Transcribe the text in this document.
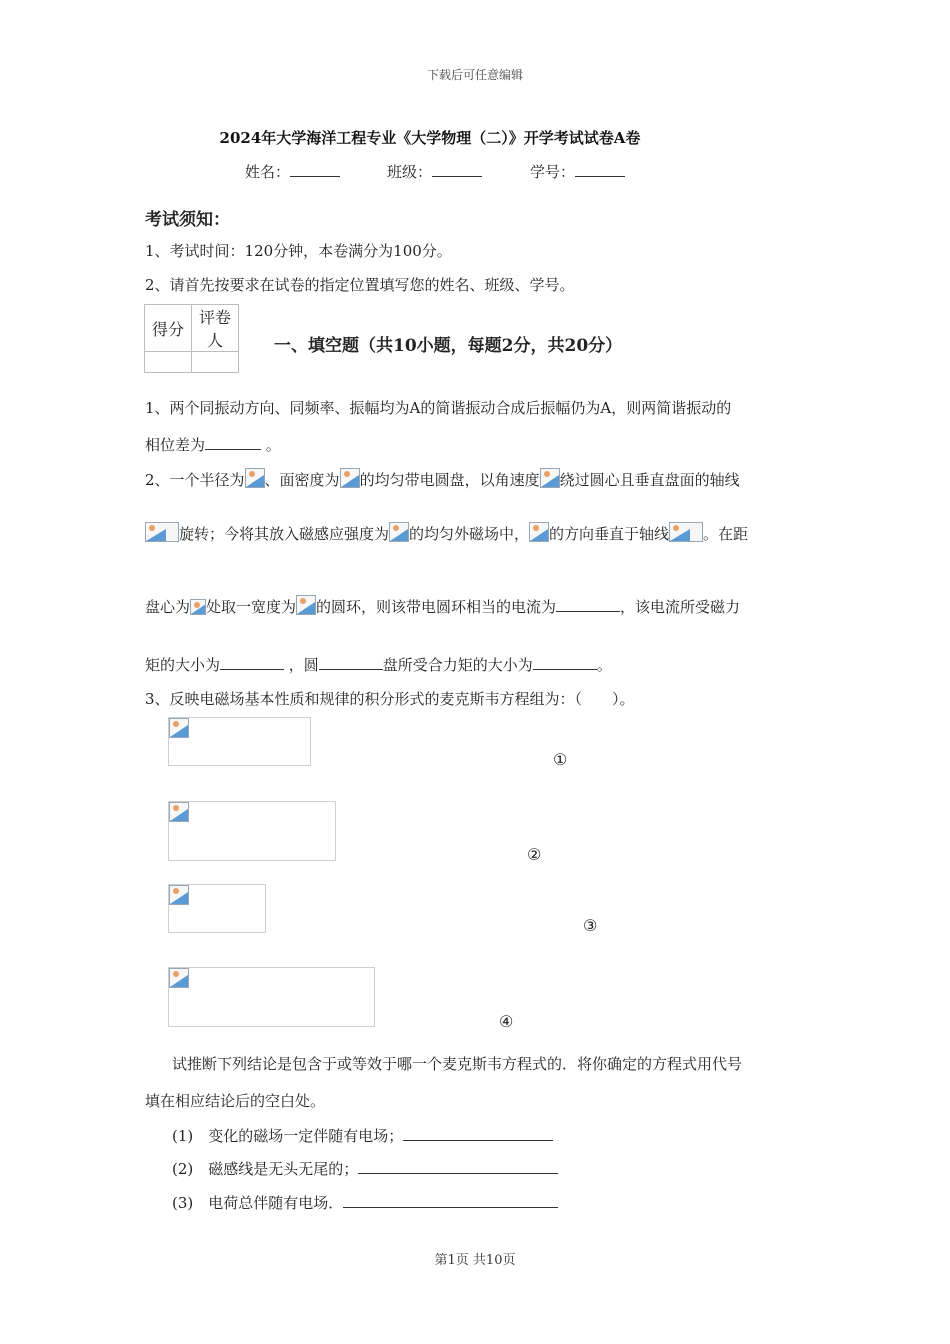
下载后可任意编辑
2024年大学海洋工程专业《大学物理（二）》开学考试试卷A卷
姓名：	班级：	学号：
考试须知：
1、考试时间：120分钟，本卷满分为100分。
2、请首先按要求在试卷的指定位置填写您的姓名、班级、学号。
得分	评卷人
		一、填空题（共10小题，每题2分，共20分）
1、两个同振动方向、同频率、振幅均为A的简谐振动合成后振幅仍为A，则两简谐振动的
相位差为	。
2、一个半径为 、面密度为 的均匀带电圆盘，以角速度 绕过圆心且垂直盘面的轴线
旋转；今将其放入磁感应强度为 的均匀外磁场中， 的方向垂直于轴线 。在距
盘心为 处取一宽度为 的圆环，则该带电圆环相当的电流为	，该电流所受磁力
矩的大小为	，圆	盘所受合力矩的大小为	。
3、反映电磁场基本性质和规律的积分形式的麦克斯韦方程组为：（　　）。
①
②
③
④
试推断下列结论是包含于或等效于哪一个麦克斯韦方程式的．将你确定的方程式用代号
填在相应结论后的空白处。
(1)　变化的磁场一定伴随有电场；
(2)　磁感线是无头无尾的；
(3)　电荷总伴随有电场．
第1页 共10页
